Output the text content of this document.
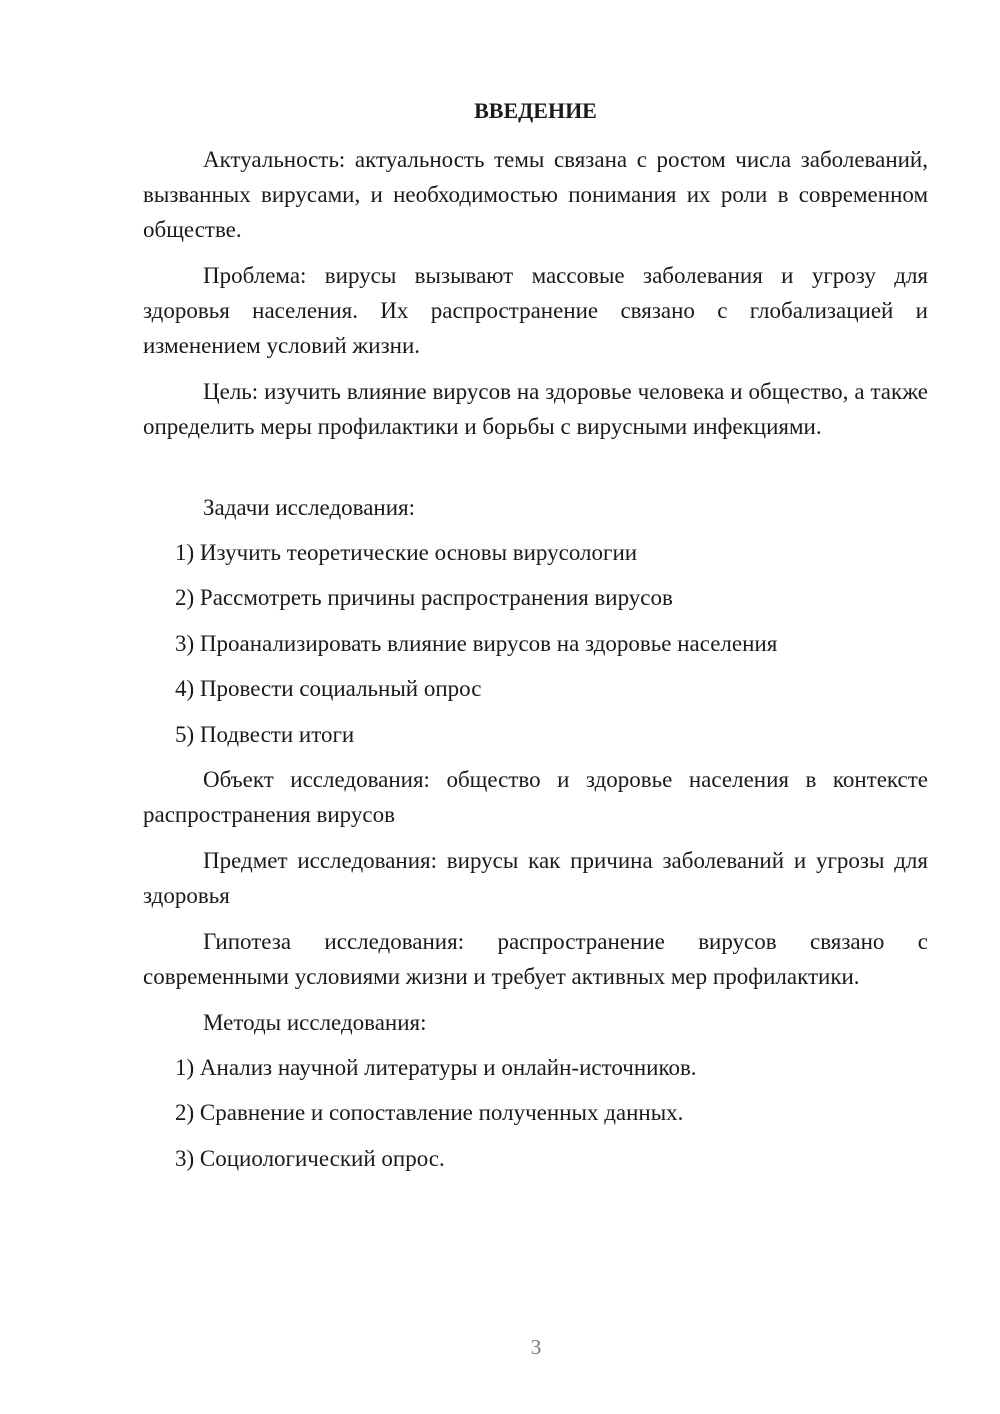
ВВЕДЕНИЕ

Актуальность: актуальность темы связана с ростом числа заболеваний, вызванных вирусами, и необходимостью понимания их роли в современном обществе.

Проблема: вирусы вызывают массовые заболевания и угрозу для здоровья населения. Их распространение связано с глобализацией и изменением условий жизни.

Цель: изучить влияние вирусов на здоровье человека и общество, а также определить меры профилактики и борьбы с вирусными инфекциями.

Задачи исследования:

1) Изучить теоретические основы вирусологии

2) Рассмотреть причины распространения вирусов

3) Проанализировать влияние вирусов на здоровье населения

4) Провести социальный опрос

5) Подвести итоги

Объект исследования: общество и здоровье населения в контексте распространения вирусов

Предмет исследования: вирусы как причина заболеваний и угрозы для здоровья

Гипотеза исследования: распространение вирусов связано с современными условиями жизни и требует активных мер профилактики.

Методы исследования:

1) Анализ научной литературы и онлайн-источников.

2) Сравнение и сопоставление полученных данных.

3) Социологический опрос.

3
